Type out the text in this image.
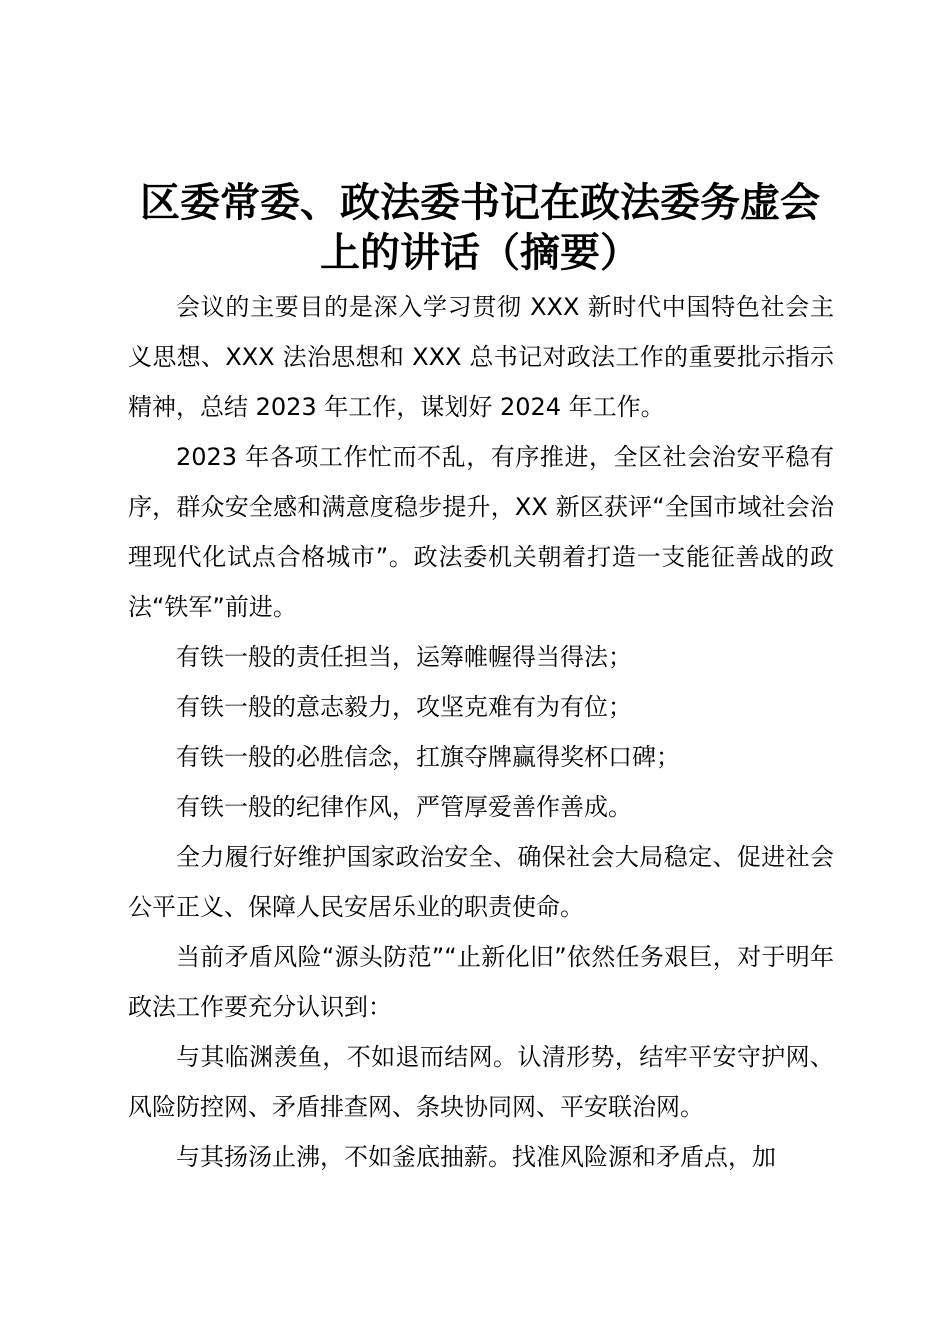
区委常委、政法委书记在政法委务虚会
上的讲话（摘要）

会议的主要目的是深入学习贯彻 XXX 新时代中国特色社会主义思想、XXX 法治思想和 XXX 总书记对政法工作的重要批示指示精神，总结 2023 年工作，谋划好 2024 年工作。

2023 年各项工作忙而不乱，有序推进，全区社会治安平稳有序，群众安全感和满意度稳步提升，XX 新区获评“全国市域社会治理现代化试点合格城市”。政法委机关朝着打造一支能征善战的政法“铁军”前进。

有铁一般的责任担当，运筹帷幄得当得法；

有铁一般的意志毅力，攻坚克难有为有位；

有铁一般的必胜信念，扛旗夺牌赢得奖杯口碑；

有铁一般的纪律作风，严管厚爱善作善成。

全力履行好维护国家政治安全、确保社会大局稳定、促进社会公平正义、保障人民安居乐业的职责使命。

当前矛盾风险“源头防范”“止新化旧”依然任务艰巨，对于明年政法工作要充分认识到：

与其临渊羡鱼，不如退而结网。认清形势，结牢平安守护网、风险防控网、矛盾排查网、条块协同网、平安联治网。

与其扬汤止沸，不如釜底抽薪。找准风险源和矛盾点，加
